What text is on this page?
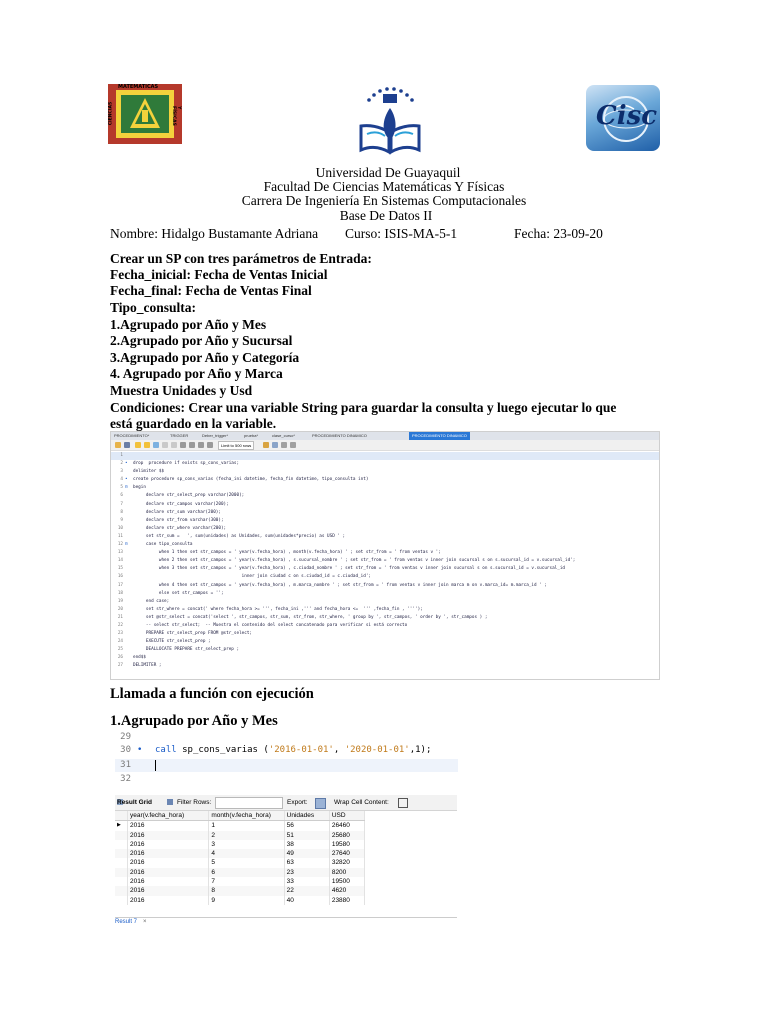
MATEMATICAS
CIENCIAS	Y FÍSICAS	Cisc
Universidad De Guayaquil
Facultad De Ciencias Matemáticas Y Físicas
Carrera De Ingeniería En Sistemas Computacionales
Base De Datos II
Nombre: Hidalgo Bustamante Adriana Curso: ISIS-MA-5-1	Fecha: 23-09-20
Crear un SP con tres parámetros de Entrada:
Fecha_inicial: Fecha de Ventas Inicial
Fecha_final: Fecha de Ventas Final
Tipo_consulta:
1.Agrupado por Año y Mes
2.Agrupado por Año y Sucursal
3.Agrupado por Año y Categoría
4. Agrupado por Año y Marca
Muestra Unidades y Usd
Condiciones: Crear una variable String para guardar la consulta y luego ejecutar lo que
está guardado en la variable.
PROCEDIMIENTO*	TRIGGER	Deber_trigger*	prueba*	clase_curso*	PROCEDIMIENTO DINAMICO	PROCEDIMIENTO DINAMICO
Limit to 500 rows
1
2 • drop  procedure if exists sp_cons_varias;
3 delimiter $$
4 • create procedure sp_cons_varias (fecha_ini datetime, fecha_fin datetime, tipo_consulta int)
5 ⊟ begin
6 declare str_select_prep varchar(2000);
7 declare str_campos varchar(200);
8 declare str_sum varchar(200);
9 declare str_from varchar(300);
10 declare str_where varchar(200);
11 set str_sum =   ', sum(unidades) as Unidades, sum(unidades*precio) as USD ' ;
12 ⊟ case tipo_consulta
13 when 1 then set str_campos = ' year(v.fecha_hora) , month(v.fecha_hora) ' ; set str_from = ' from ventas v ';
14 when 2 then set str_campos = ' year(v.fecha_hora) , s.sucursal_nombre ' ; set str_from = ' from ventas v inner join sucursal s on s.sucursal_id = v.sucursal_id';
15 when 3 then set str_campos = ' year(v.fecha_hora) , c.ciudad_nombre ' ; set str_from = ' from ventas v inner join sucursal s on s.sucursal_id = v.sucursal_id
16 inner join ciudad c on s.ciudad_id = c.ciudad_id';
17 when 4 then set str_campos = ' year(v.fecha_hora) , m.marca_nombre ' ; set str_from = ' from ventas v inner join marca m on v.marca_id= m.marca_id ' ;
18 else set str_campos = '';
19 end case;
20 set str_where = concat(' where fecha_hora >= ''', fecha_ini ,''' and fecha_hora <=  ''' ,fecha_fin , '''');
21 set @str_select = concat('select ', str_campos, str_sum, str_from, str_where, ' group by ', str_campos, ' order by ', str_campos ) ;
22 -- select str_select;  -- Muestra el contenido del select concatenado para verificar si está correcto
23 PREPARE str_select_prep FROM @str_select;
24 EXECUTE str_select_prep ;
25 DEALLOCATE PREPARE str_select_prep ;
26 end$$
27 DELIMITER ;
Llamada a función con ejecución
1.Agrupado por Año y Mes
29
30 • call sp_cons_varias ('2016-01-01', '2020-01-01',1);
31
32
Result Grid	Filter Rows:	Export:	Wrap Cell Content:
	year(v.fecha_hora)	month(v.fecha_hora)	Unidades	USD
▶	2016	1	56	26460
	2016	2	51	25680
	2016	3	38	19580
	2016	4	49	27640
	2016	5	63	32820
	2016	6	23	8200
	2016	7	33	19500
	2016	8	22	4620
	2016	9	40	23880
Result 7 ×
